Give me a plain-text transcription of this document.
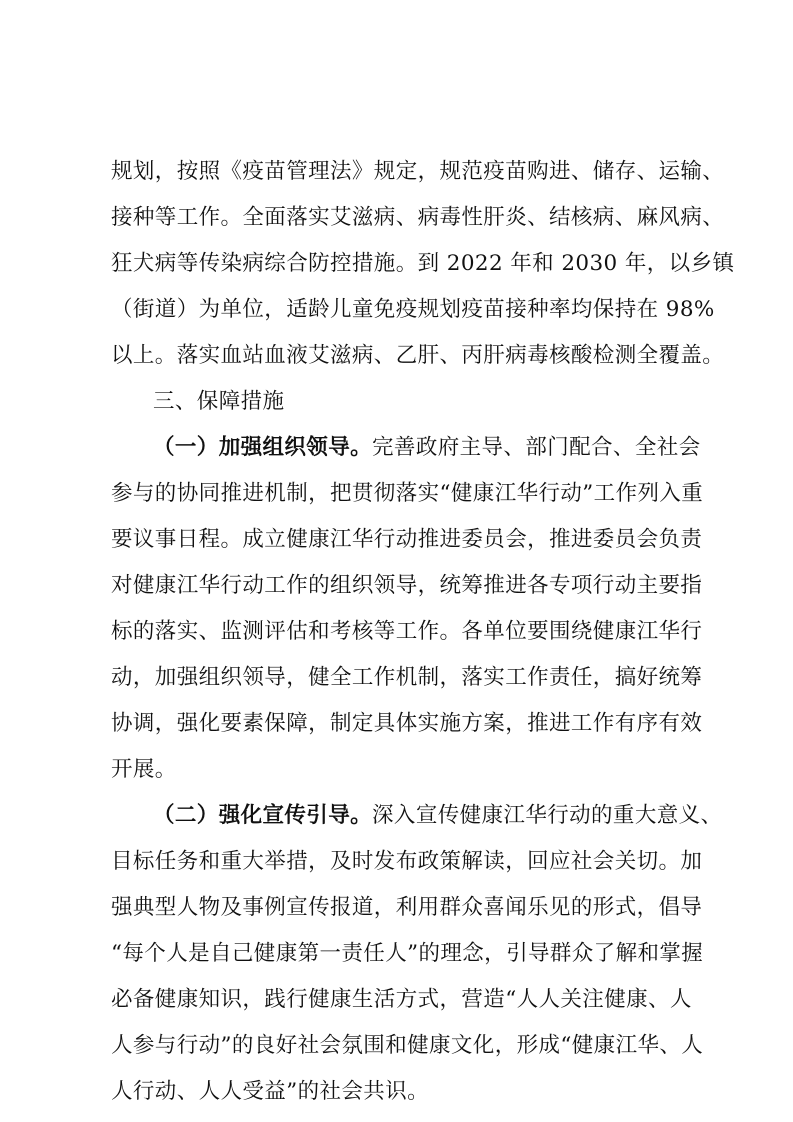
规划，按照《疫苗管理法》规定，规范疫苗购进、储存、运输、
接种等工作。全面落实艾滋病、病毒性肝炎、结核病、麻风病、
狂犬病等传染病综合防控措施。到 2022 年和 2030 年，以乡镇
（街道）为单位，适龄儿童免疫规划疫苗接种率均保持在 98%
以上。落实血站血液艾滋病、乙肝、丙肝病毒核酸检测全覆盖。
三、保障措施
（一）加强组织领导。完善政府主导、部门配合、全社会
参与的协同推进机制，把贯彻落实“健康江华行动”工作列入重
要议事日程。成立健康江华行动推进委员会，推进委员会负责
对健康江华行动工作的组织领导，统筹推进各专项行动主要指
标的落实、监测评估和考核等工作。各单位要围绕健康江华行
动，加强组织领导，健全工作机制，落实工作责任，搞好统筹
协调，强化要素保障，制定具体实施方案，推进工作有序有效
开展。
（二）强化宣传引导。深入宣传健康江华行动的重大意义、
目标任务和重大举措，及时发布政策解读，回应社会关切。加
强典型人物及事例宣传报道，利用群众喜闻乐见的形式，倡导
“每个人是自己健康第一责任人”的理念，引导群众了解和掌握
必备健康知识，践行健康生活方式，营造“人人关注健康、人
人参与行动”的良好社会氛围和健康文化，形成“健康江华、人
人行动、人人受益”的社会共识。
